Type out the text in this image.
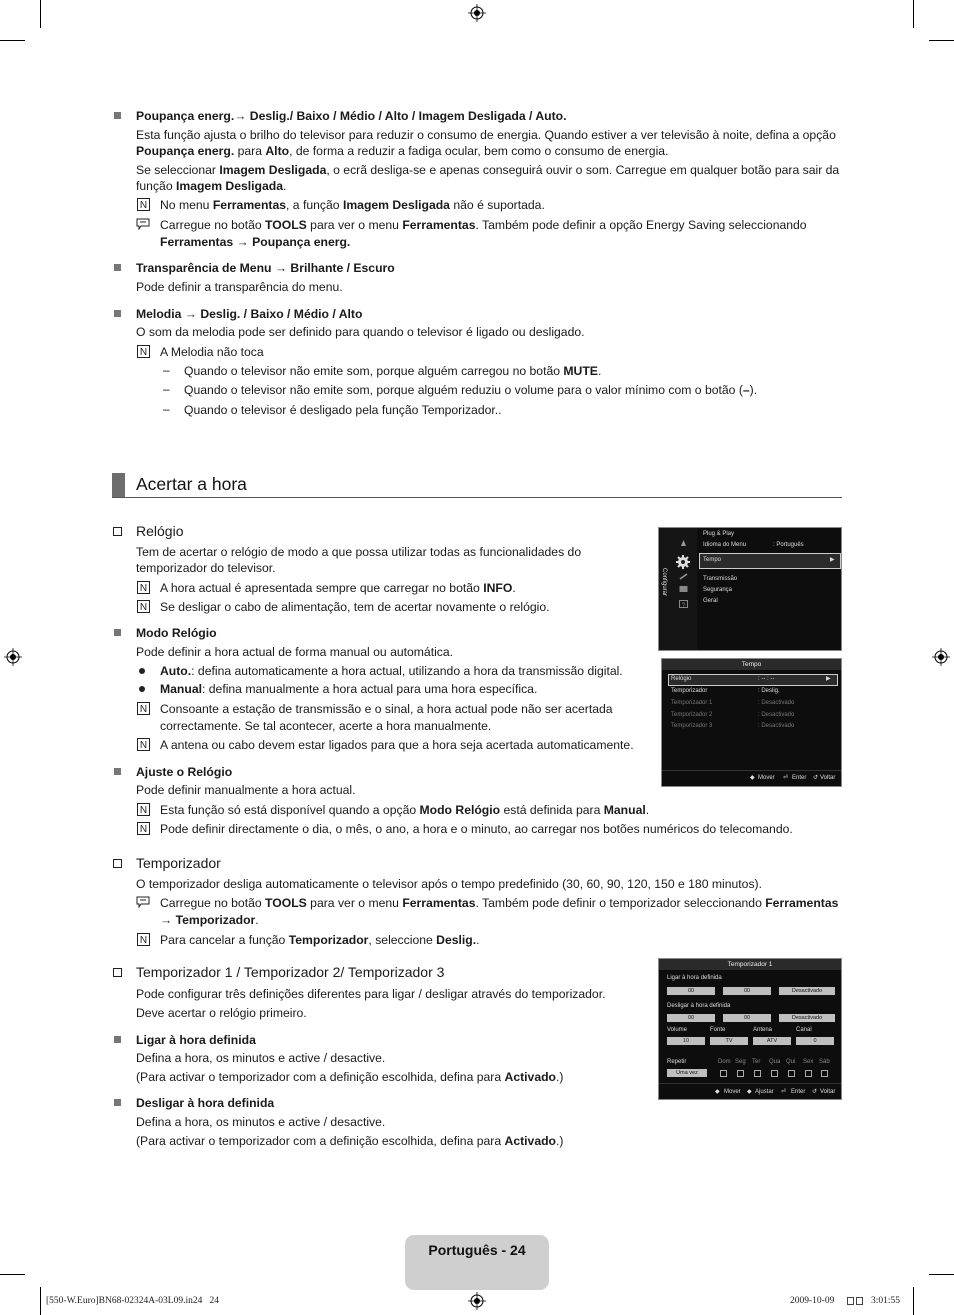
Poupança energ.→ Deslig./ Baixo / Médio / Alto / Imagem Desligada / Auto.
Esta função ajusta o brilho do televisor para reduzir o consumo de energia. Quando estiver a ver televisão à noite, defina a opção
Poupança energ. para Alto, de forma a reduzir a fadiga ocular, bem como o consumo de energia.
Se seleccionar Imagem Desligada, o ecrã desliga-se e apenas conseguirá ouvir o som. Carregue em qualquer botão para sair da
função Imagem Desligada.
N No menu Ferramentas, a função Imagem Desligada não é suportada.
Carregue no botão TOOLS para ver o menu Ferramentas. Também pode definir a opção Energy Saving seleccionando
Ferramentas → Poupança energ.
Transparência de Menu → Brilhante / Escuro
Pode definir a transparência do menu.
Melodia → Deslig. / Baixo / Médio / Alto
O som da melodia pode ser definido para quando o televisor é ligado ou desligado.
N A Melodia não toca
– Quando o televisor não emite som, porque alguém carregou no botão MUTE.
– Quando o televisor não emite som, porque alguém reduziu o volume para o valor mínimo com o botão (–).
– Quando o televisor é desligado pela função Temporizador..
Acertar a hora
Relógio
Tem de acertar o relógio de modo a que possa utilizar todas as funcionalidades do
temporizador do televisor.
N A hora actual é apresentada sempre que carregar no botão INFO.
N Se desligar o cabo de alimentação, tem de acertar novamente o relógio.
Modo Relógio
Pode definir a hora actual de forma manual ou automática.
Auto.: defina automaticamente a hora actual, utilizando a hora da transmissão digital.
Manual: defina manualmente a hora actual para uma hora específica.
N Consoante a estação de transmissão e o sinal, a hora actual pode não ser acertada
correctamente. Se tal acontecer, acerte a hora manualmente.
N A antena ou cabo devem estar ligados para que a hora seja acertada automaticamente.
Ajuste o Relógio
Pode definir manualmente a hora actual.
N Esta função só está disponível quando a opção Modo Relógio está definida para Manual.
N Pode definir directamente o dia, o mês, o ano, a hora e o minuto, ao carregar nos botões numéricos do telecomando.
Temporizador
O temporizador desliga automaticamente o televisor após o tempo predefinido (30, 60, 90, 120, 150 e 180 minutos).
Carregue no botão TOOLS para ver o menu Ferramentas. Também pode definir o temporizador seleccionando Ferramentas
→ Temporizador.
N Para cancelar a função Temporizador, seleccione Deslig..
Temporizador 1 / Temporizador 2/ Temporizador 3
Pode configurar três definições diferentes para ligar / desligar através do temporizador.
Deve acertar o relógio primeiro.
Ligar à hora definida
Defina a hora, os minutos e active / desactive.
(Para activar o temporizador com a definição escolhida, defina para Activado.)
Desligar à hora definida
Defina a hora, os minutos e active / desactive.
(Para activar o temporizador com a definição escolhida, defina para Activado.)
Configurar
?
Plug & Play
Idioma do Menu	: Português
Tempo	▶
Transmissão
Segurança
Geral
Tempo
Relógio	: -- : --	▶
Temporizador	: Deslig.
Temporizador 1	: Desactivado
Temporizador 2	: Desactivado
Temporizador 3	: Desactivado
◆ Mover ⏎ Enter ↺ Voltar
Temporizador 1
Ligar à hora definida
00	00	Desactivado
Desligar à hora definida
00	00	Desactivado
Volume	Fonte	Antena	Canal
10	TV	ATV	0
Repetir	Dom Seg Ter Qua Qui Sex Sáb
Uma vez
◆ Mover ◆ Ajustar ⏎ Enter ↺ Voltar
Português - 24
[550-W.Euro]BN68-02324A-03L09.in24   24	2009-10-09	3:01:55
